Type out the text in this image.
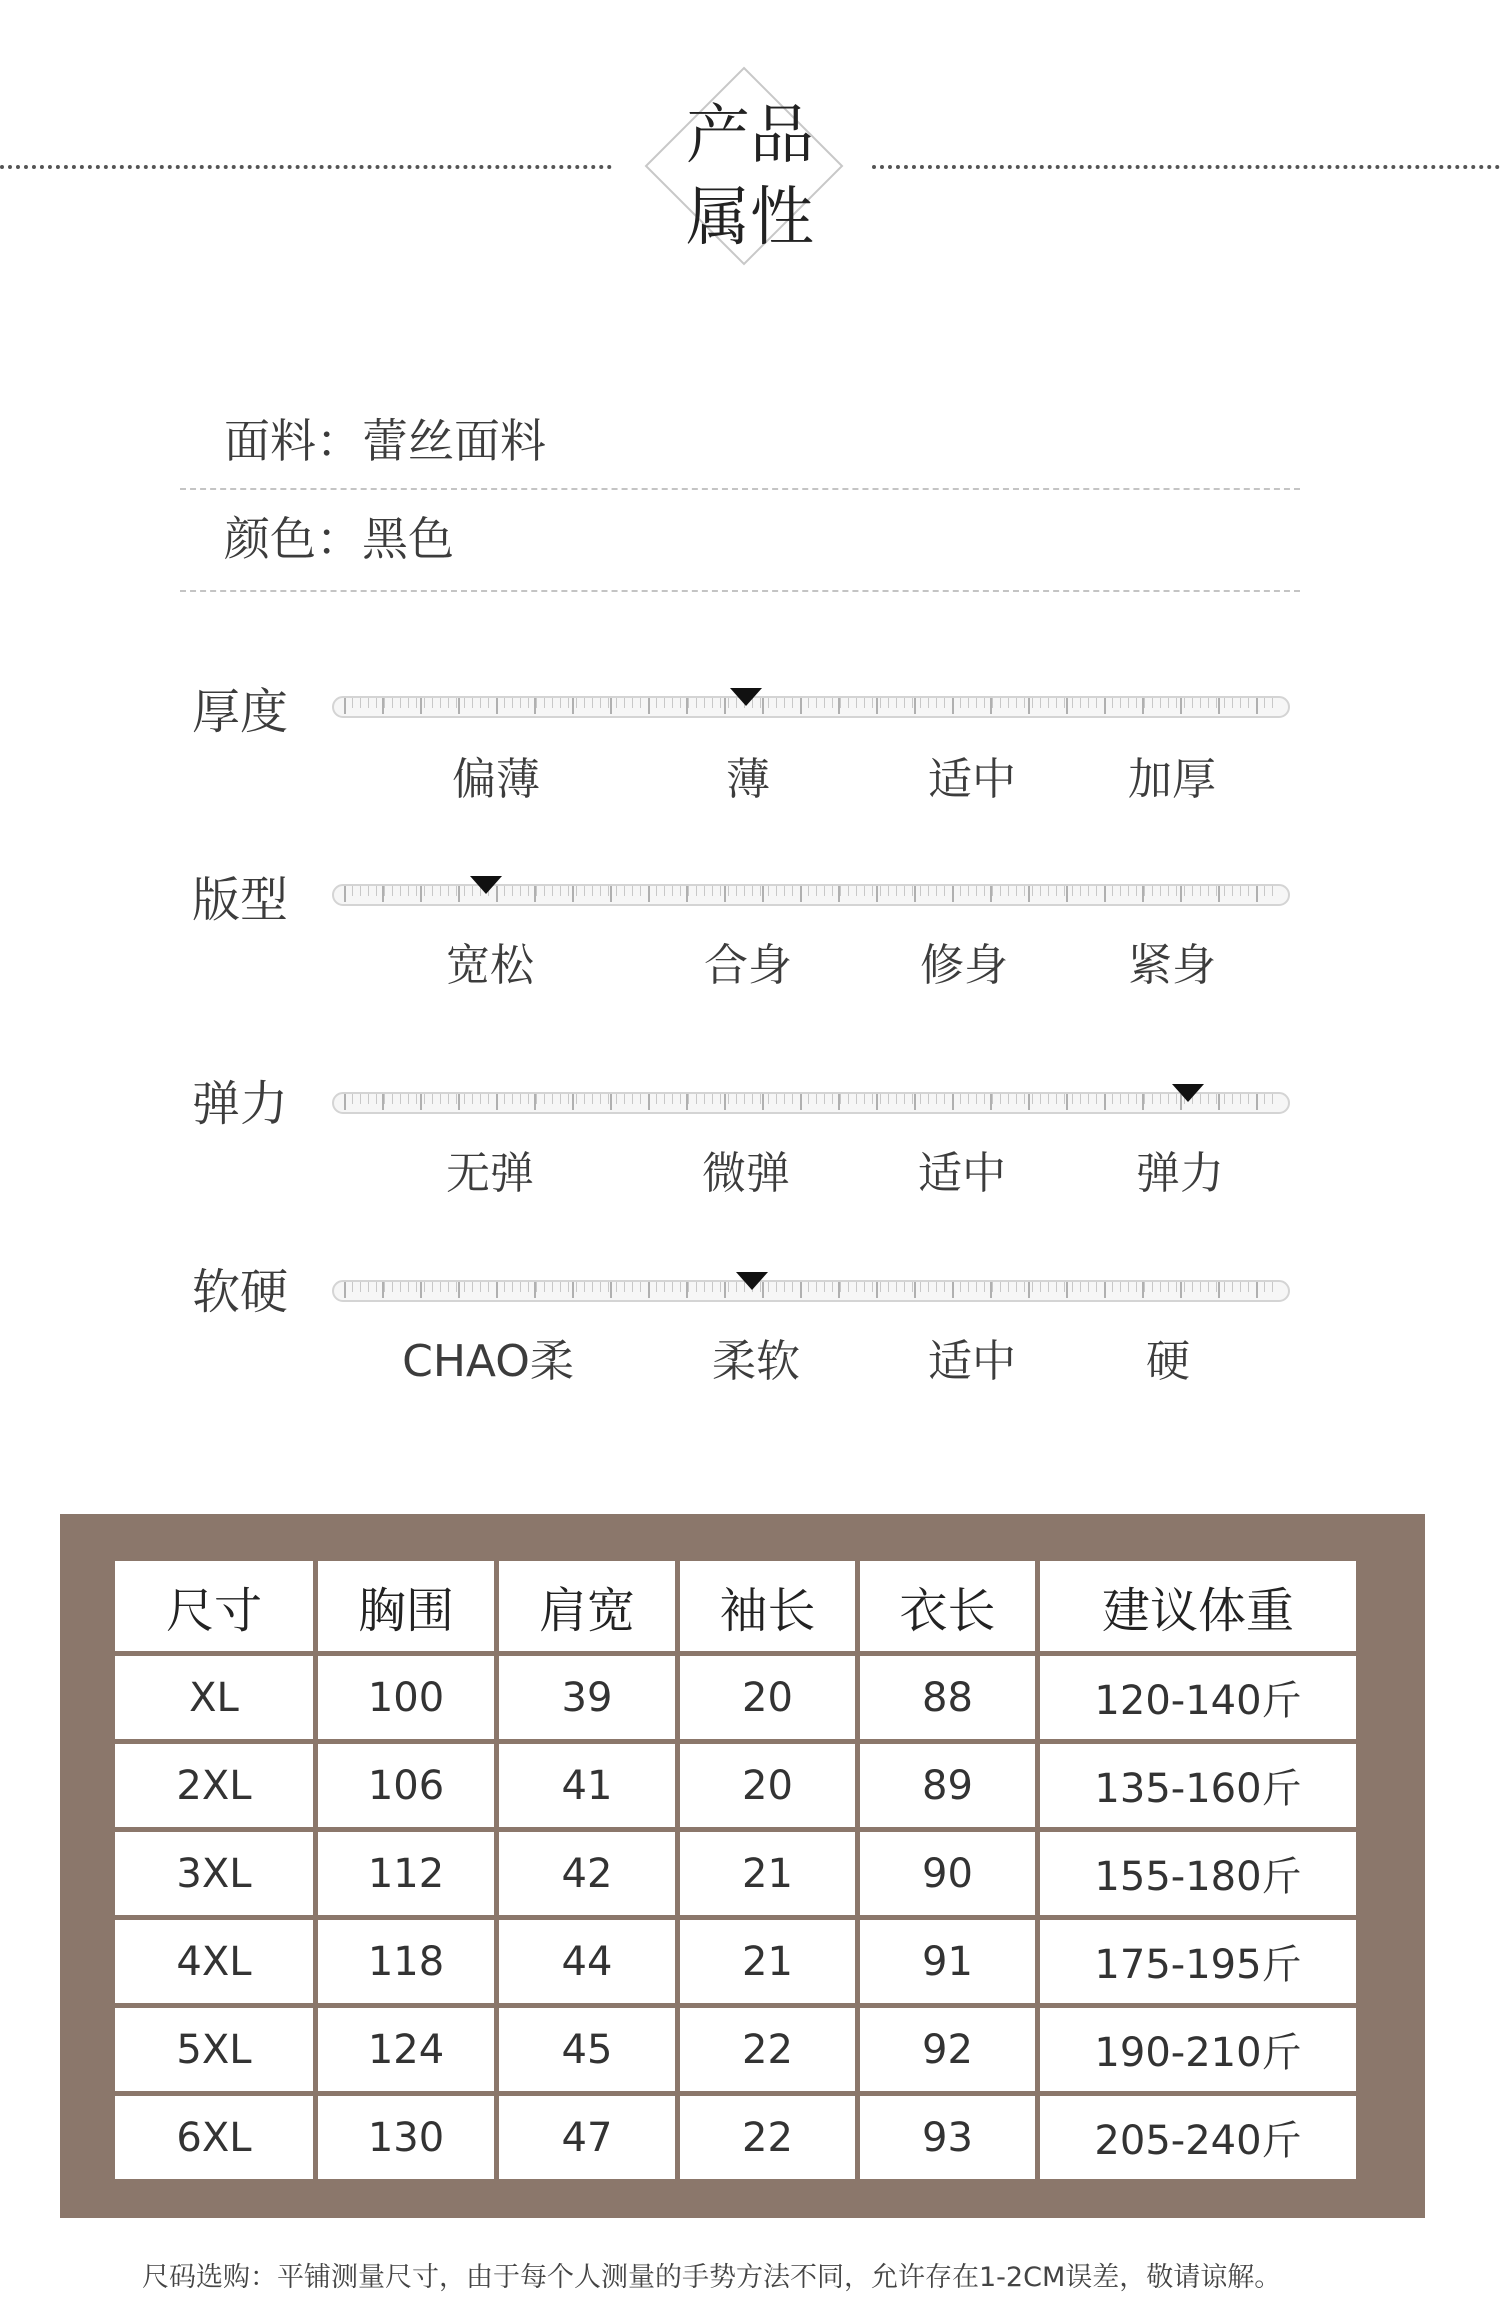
产品
属性
面料：蕾丝面料
颜色：黑色
厚度
偏薄	薄	适中	加厚
版型
宽松	合身	修身	紧身
弹力
无弹	微弹	适中	弹力
软硬
CHAO柔	柔软	适中	硬
尺寸	胸围	肩宽	袖长	衣长	建议体重
XL	100	39	20	88	120-140斤
2XL	106	41	20	89	135-160斤
3XL	112	42	21	90	155-180斤
4XL	118	44	21	91	175-195斤
5XL	124	45	22	92	190-210斤
6XL	130	47	22	93	205-240斤
尺码选购：平铺测量尺寸，由于每个人测量的手势方法不同，允许存在1-2CM误差，敬请谅解。
